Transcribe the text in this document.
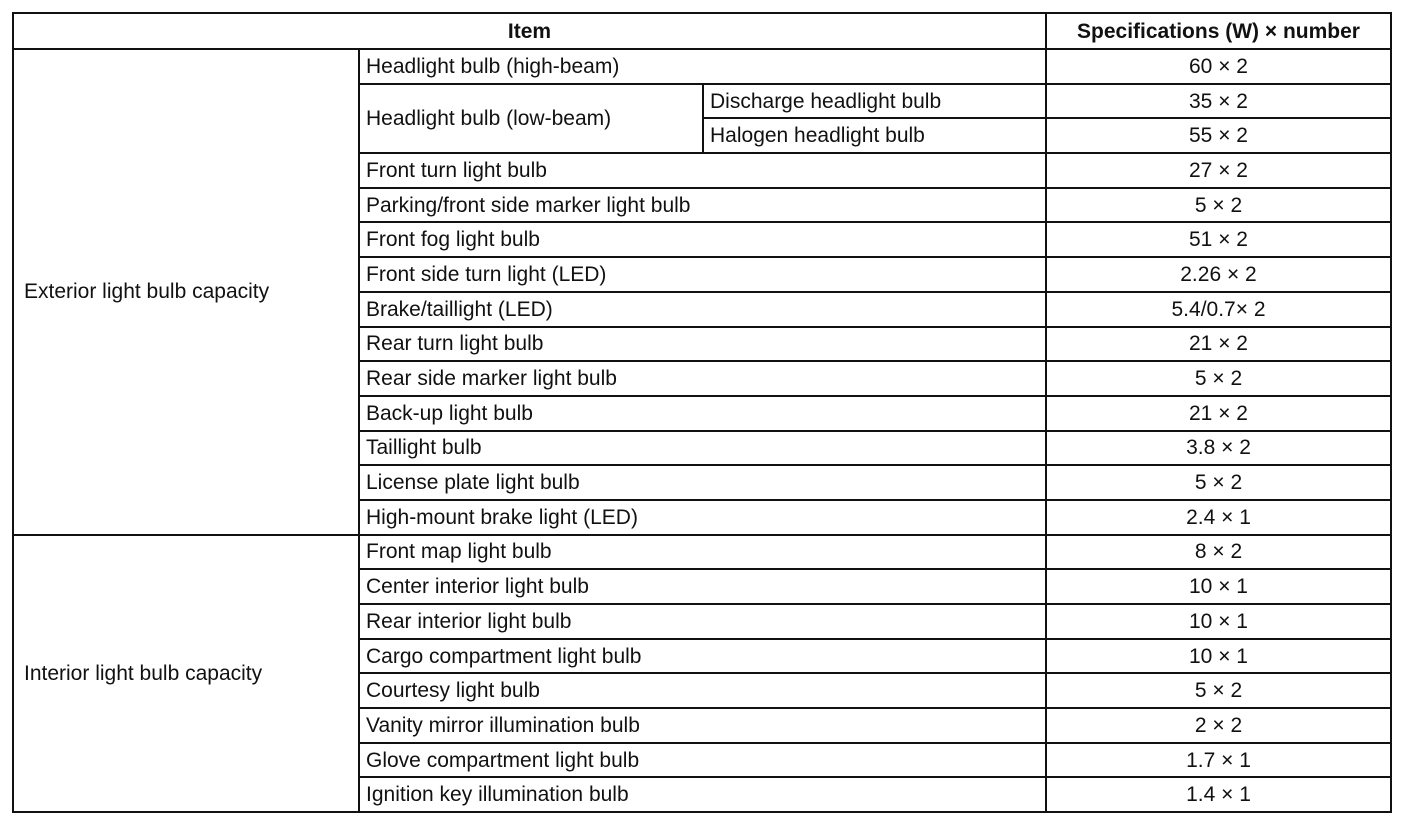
Item			Specifications (W) × number
Exterior light bulb capacity	Headlight bulb (high-beam)		60 × 2
	Headlight bulb (low-beam)	Discharge headlight bulb	35 × 2
		Halogen headlight bulb	55 × 2
	Front turn light bulb		27 × 2
	Parking/front side marker light bulb		5 × 2
	Front fog light bulb		51 × 2
	Front side turn light (LED)		2.26 × 2
	Brake/taillight (LED)		5.4/0.7× 2
	Rear turn light bulb		21 × 2
	Rear side marker light bulb		5 × 2
	Back-up light bulb		21 × 2
	Taillight bulb		3.8 × 2
	License plate light bulb		5 × 2
	High-mount brake light (LED)		2.4 × 1
Interior light bulb capacity	Front map light bulb		8 × 2
	Center interior light bulb		10 × 1
	Rear interior light bulb		10 × 1
	Cargo compartment light bulb		10 × 1
	Courtesy light bulb		5 × 2
	Vanity mirror illumination bulb		2 × 2
	Glove compartment light bulb		1.7 × 1
	Ignition key illumination bulb		1.4 × 1
